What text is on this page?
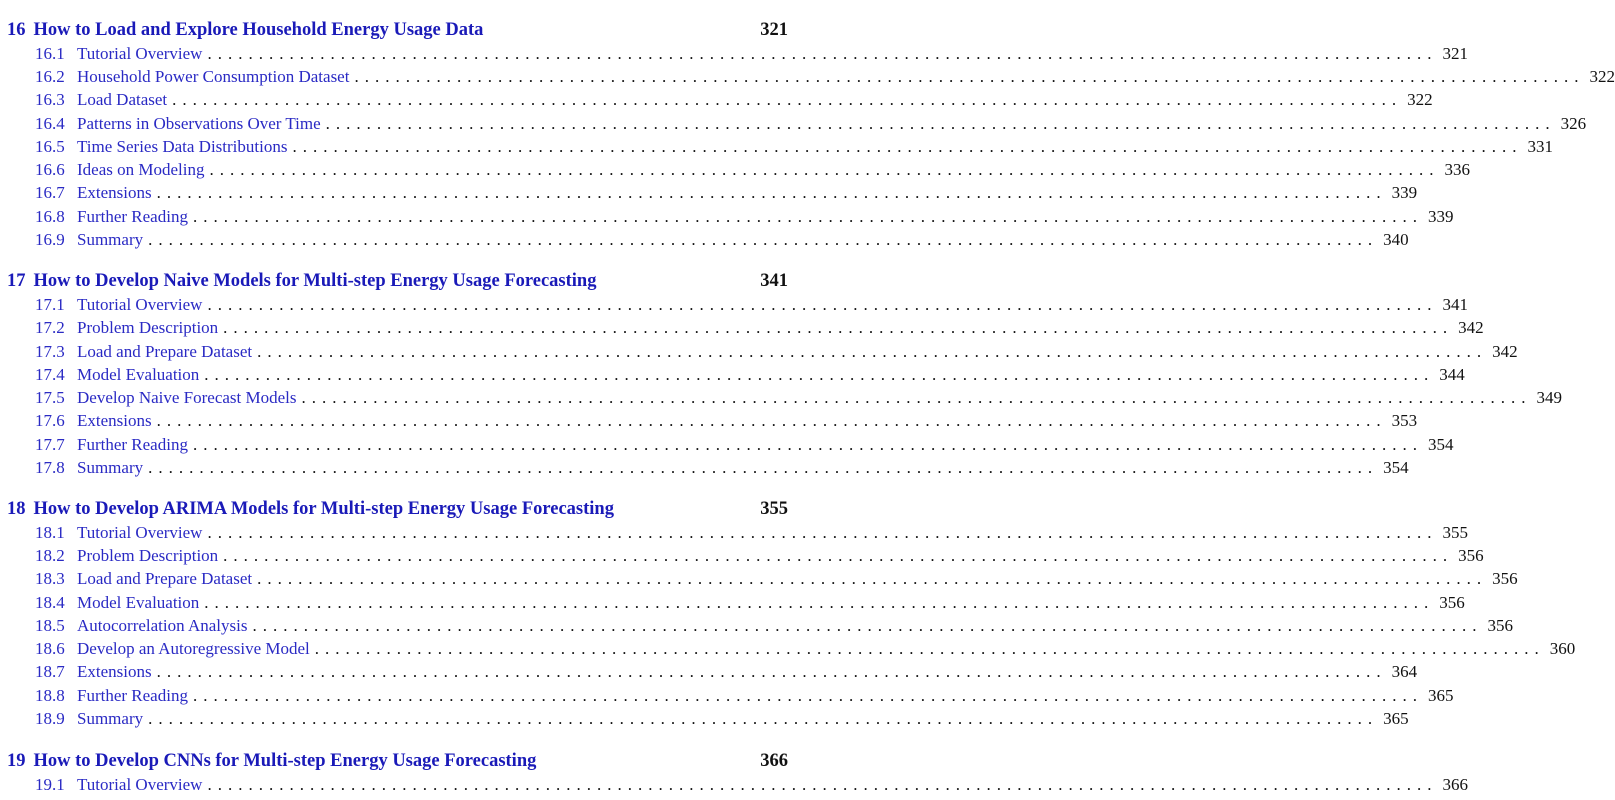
16 How to Load and Explore Household Energy Usage Data	321
16.1 Tutorial Overview ........................................................................................................................ 321
16.2 Household Power Consumption Dataset ........................................................................................................................ 322
16.3 Load Dataset ........................................................................................................................ 322
16.4 Patterns in Observations Over Time ........................................................................................................................ 326
16.5 Time Series Data Distributions ........................................................................................................................ 331
16.6 Ideas on Modeling ........................................................................................................................ 336
16.7 Extensions ........................................................................................................................ 339
16.8 Further Reading ........................................................................................................................ 339
16.9 Summary ........................................................................................................................ 340
17 How to Develop Naive Models for Multi-step Energy Usage Forecasting	341
17.1 Tutorial Overview ........................................................................................................................ 341
17.2 Problem Description ........................................................................................................................ 342
17.3 Load and Prepare Dataset ........................................................................................................................ 342
17.4 Model Evaluation ........................................................................................................................ 344
17.5 Develop Naive Forecast Models ........................................................................................................................ 349
17.6 Extensions ........................................................................................................................ 353
17.7 Further Reading ........................................................................................................................ 354
17.8 Summary ........................................................................................................................ 354
18 How to Develop ARIMA Models for Multi-step Energy Usage Forecasting	355
18.1 Tutorial Overview ........................................................................................................................ 355
18.2 Problem Description ........................................................................................................................ 356
18.3 Load and Prepare Dataset ........................................................................................................................ 356
18.4 Model Evaluation ........................................................................................................................ 356
18.5 Autocorrelation Analysis ........................................................................................................................ 356
18.6 Develop an Autoregressive Model ........................................................................................................................ 360
18.7 Extensions ........................................................................................................................ 364
18.8 Further Reading ........................................................................................................................ 365
18.9 Summary ........................................................................................................................ 365
19 How to Develop CNNs for Multi-step Energy Usage Forecasting	366
19.1 Tutorial Overview ........................................................................................................................ 366
